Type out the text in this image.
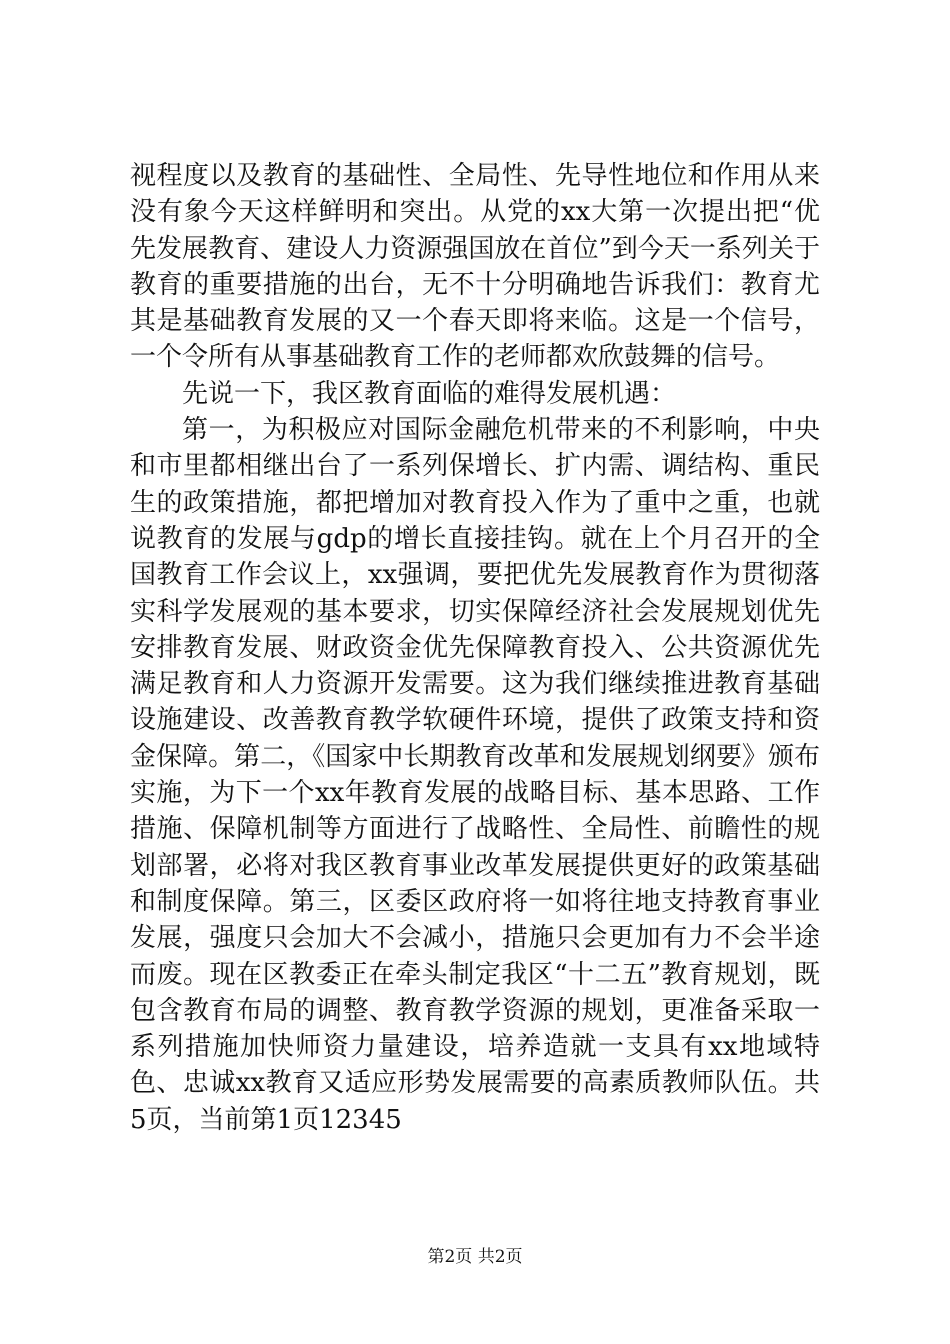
视程度以及教育的基础性、全局性、先导性地位和作用从来没有象今天这样鲜明和突出。从党的xx大第一次提出把“优先发展教育、建设人力资源强国放在首位”到今天一系列关于教育的重要措施的出台，无不十分明确地告诉我们：教育尤其是基础教育发展的又一个春天即将来临。这是一个信号，一个令所有从事基础教育工作的老师都欢欣鼓舞的信号。

先说一下，我区教育面临的难得发展机遇：

第一，为积极应对国际金融危机带来的不利影响，中央和市里都相继出台了一系列保增长、扩内需、调结构、重民生的政策措施，都把增加对教育投入作为了重中之重，也就说教育的发展与gdp的增长直接挂钩。就在上个月召开的全国教育工作会议上，xx强调，要把优先发展教育作为贯彻落实科学发展观的基本要求，切实保障经济社会发展规划优先安排教育发展、财政资金优先保障教育投入、公共资源优先满足教育和人力资源开发需要。这为我们继续推进教育基础设施建设、改善教育教学软硬件环境，提供了政策支持和资金保障。第二，《国家中长期教育改革和发展规划纲要》颁布实施，为下一个xx年教育发展的战略目标、基本思路、工作措施、保障机制等方面进行了战略性、全局性、前瞻性的规划部署，必将对我区教育事业改革发展提供更好的政策基础和制度保障。第三，区委区政府将一如将往地支持教育事业发展，强度只会加大不会减小，措施只会更加有力不会半途而废。现在区教委正在牵头制定我区“十二五”教育规划，既包含教育布局的调整、教育教学资源的规划，更准备采取一系列措施加快师资力量建设，培养造就一支具有xx地域特色、忠诚xx教育又适应形势发展需要的高素质教师队伍。共5页，当前第1页12345

第2页 共2页
